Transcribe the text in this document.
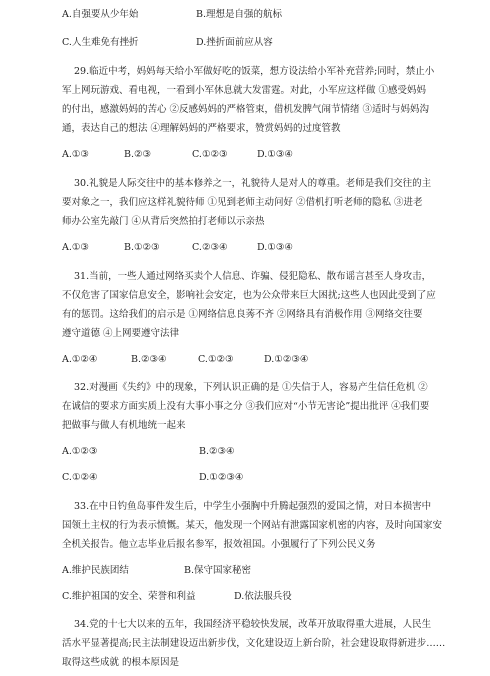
A.自强要从少年始	B.理想是自强的航标
C.人生难免有挫折	D.挫折面前应从容
29.临近中考，妈妈每天给小军做好吃的饭菜，想方设法给小军补充营养;同时，禁止小
军上网玩游戏、看电视，一看到小军休息就大发雷霆。对此，小军应这样做 ①感受妈妈
的付出，感激妈妈的苦心 ②反感妈妈的严格管束，借机发脾气闹节情绪 ③适时与妈妈沟
通，表达自己的想法 ④理解妈妈的严格要求，赞赏妈妈的过度管教
A.①③	B.②③	C.①②③	D.①③④
30.礼貌是人际交往中的基本修养之一，礼貌待人是对人的尊重。老师是我们交往的主
要对象之一，我们应这样礼貌待师 ①见到老师主动问好 ②借机打听老师的隐私 ③进老
师办公室先敲门 ④从背后突然拍打老师以示亲热
A.①③	B.①②③	C.②③④	D.①③④
31.当前，一些人通过网络买卖个人信息、诈骗、侵犯隐私、散布谣言甚至人身攻击，
不仅危害了国家信息安全，影响社会安定，也为公众带来巨大困扰;这些人也因此受到了应
有的惩罚。这给我们的启示是 ①网络信息良莠不齐 ②网络具有消极作用 ③网络交往要
遵守道德 ④上网要遵守法律
A.①②④	B.②③④	C.①②③	D.①②③④
32.对漫画《失约》中的现象，下列认识正确的是 ①失信于人，容易产生信任危机 ②
在诚信的要求方面实质上没有大事小事之分 ③我们应对“小节无害论”提出批评 ④我们要
把做事与做人有机地统一起来
A.①②③	B.②③④
C.①②④	D.①②③④
33.在中日钓鱼岛事件发生后，中学生小强胸中升腾起强烈的爱国之情，对日本损害中
国领土主权的行为表示愤慨。某天，他发现一个网站有泄露国家机密的内容，及时向国家安
全机关报告。他立志毕业后报名参军，报效祖国。小强履行了下列公民义务
A.维护民族团结	B.保守国家秘密
C.维护祖国的安全、荣誉和利益	D.依法服兵役
34.党的十七大以来的五年，我国经济平稳较快发展，改革开放取得重大进展，人民生
活水平显著提高;民主法制建设迈出新步伐，文化建设迈上新台阶，社会建设取得新进步……
取得这些成就 的根本原因是
